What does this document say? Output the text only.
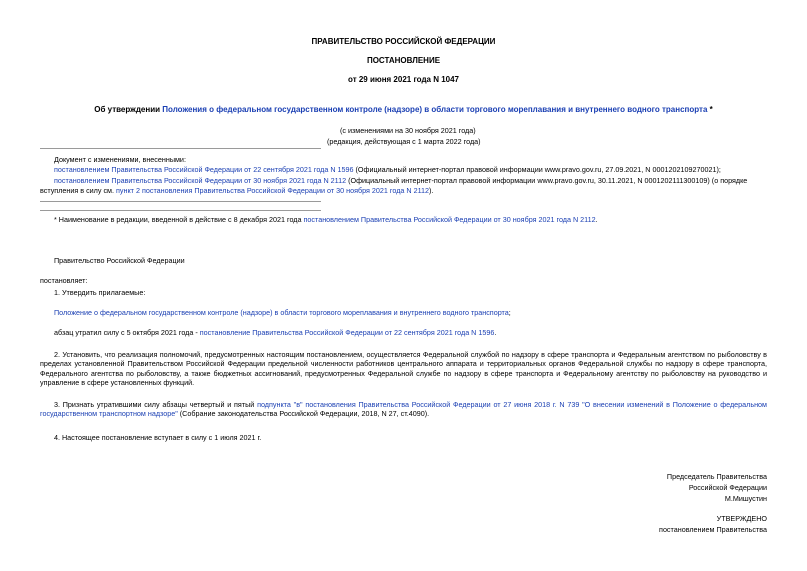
ПРАВИТЕЛЬСТВО РОССИЙСКОЙ ФЕДЕРАЦИИ
ПОСТАНОВЛЕНИЕ
от 29 июня 2021 года N 1047
Об утверждении Положения о федеральном государственном контроле (надзоре) в области торгового мореплавания и внутреннего водного транспорта *
(с изменениями на 30 ноября 2021 года)
(редакция, действующая с 1 марта 2022 года)
Документ с изменениями, внесенными:
постановлением Правительства Российской Федерации от 22 сентября 2021 года N 1596 (Официальный интернет-портал правовой информации www.pravo.gov.ru, 27.09.2021, N 0001202109270021);
постановлением Правительства Российской Федерации от 30 ноября 2021 года N 2112 (Официальный интернет-портал правовой информации www.pravo.gov.ru, 30.11.2021, N 0001202111300109) (о порядке
вступления в силу см. пункт 2 постановления Правительства Российской Федерации от 30 ноября 2021 года N 2112).
* Наименование в редакции, введенной в действие с 8 декабря 2021 года постановлением Правительства Российской Федерации от 30 ноября 2021 года N 2112.
Правительство Российской Федерации
постановляет:
1. Утвердить прилагаемые:
Положение о федеральном государственном контроле (надзоре) в области торгового мореплавания и внутреннего водного транспорта;
абзац утратил силу с 5 октября 2021 года - постановление Правительства Российской Федерации от 22 сентября 2021 года N 1596.
2. Установить, что реализация полномочий, предусмотренных настоящим постановлением, осуществляется Федеральной службой по надзору в сфере транспорта и Федеральным агентством по рыболовству в пределах установленной Правительством Российской Федерации предельной численности работников центрального аппарата и территориальных органов Федеральной службы по надзору в сфере транспорта, Федерального агентства по рыболовству, а также бюджетных ассигнований, предусмотренных Федеральной службе по надзору в сфере транспорта и Федеральному агентству по рыболовству на руководство и управление в сфере установленных функций.
3. Признать утратившими силу абзацы четвертый и пятый подпункта "в" постановления Правительства Российской Федерации от 27 июня 2018 г. N 739 "О внесении изменений в Положение о федеральном государственном транспортном надзоре" (Собрание законодательства Российской Федерации, 2018, N 27, ст.4090).
4. Настоящее постановление вступает в силу с 1 июля 2021 г.
Председатель Правительства
Российской Федерации
М.Мишустин
УТВЕРЖДЕНО
постановлением Правительства
